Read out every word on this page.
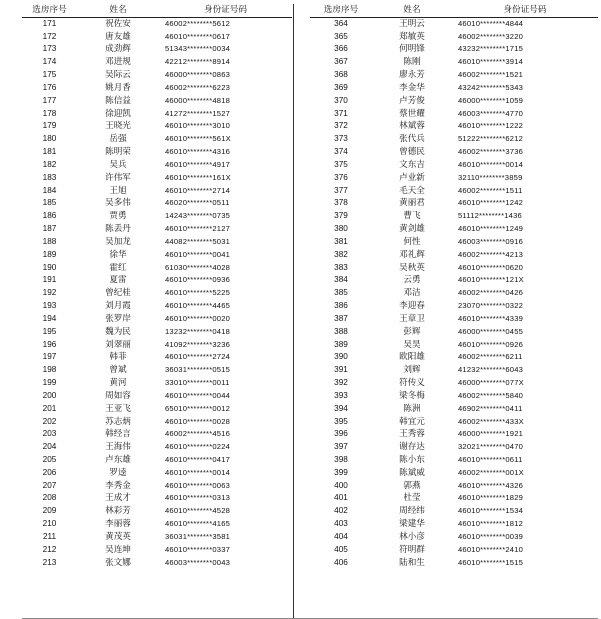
选房序号	姓名	身份证号码
171	祝佐安	46002********5612
172	唐友雄	46010********0617
173	成劲辉	51343********0034
174	邓进规	42212********8914
175	吴际云	46000********0863
176	姚月香	46002********6223
177	陈信益	46000********4818
178	徐迎凯	41272********1527
179	王晓光	46010********3010
180	岳强	46010********561X
181	陈明荣	46010********4316
182	吴兵	46010********4917
183	许伟军	46010********161X
184	王旭	46010********2714
185	吴多伟	46020********0511
186	贾勇	14243********0735
187	陈丢丹	46010********2127
188	吴加龙	44082********5031
189	徐华	46010********0041
190	霍红	61030********4028
191	夏雷	46010********0936
192	曾纪桂	46010********5225
193	刘月霞	46010********4465
194	张罗岸	46010********0020
195	魏为民	13232********0418
196	刘翠丽	41092********3236
197	韩菲	46010********2724
198	曾斌	36031********0515
199	黄河	33010********0011
200	周如容	46010********0044
201	王亚飞	65010********0012
202	苏志炳	46010********0028
203	韩经言	46002********4516
204	王海伟	46010********0224
205	卢东雄	46010********0417
206	罗逵	46010********0014
207	李秀金	46010********0063
208	王成才	46010********0313
209	林彩芳	46010********4528
210	李丽蓉	46010********4165
211	黄茂英	36031********3581
212	吴连坤	46010********0337
213	张文娜	46003********0043
选房序号	姓名	身份证号码
364	王明云	46010********4844
365	郑敏英	46002********3220
366	何明锋	43232********1715
367	陈刚	46010********3914
368	廖永芳	46002********1521
369	李金华	43242********5343
370	卢芳俊	46000********1059
371	蔡世耀	46003********4770
372	林斌蓉	46010********1222
373	张代兵	51222********6212
374	曾德民	46002********3736
375	文东吉	46010********0014
376	卢业新	32110********3859
377	毛天全	46002********1511
378	黄丽君	46010********1242
379	曹飞	51112********1436
380	黄剑雄	46010********1249
381	何性	46003********0916
382	邓礼辉	46002********4213
383	吴秋英	46010********0620
384	云勇	46010********121X
385	邓洁	46002********0426
386	李迎春	23070********0322
387	王章卫	46010********4339
388	彭辉	46000********0455
389	吴昊	46010********0926
390	欧阳雄	46002********6211
391	刘辉	41232********6043
392	符传义	46000********077X
393	梁冬梅	46002********5840
394	陈洲	46902********0411
395	韩宜元	46002********433X
396	王秀蓉	46000********1921
397	谢存达	32021********0470
398	陈小东	46010********0611
399	陈斌威	46002********001X
400	郭燕	46010********4326
401	杜莹	46010********1829
402	周经纬	46010********1534
403	梁建华	46010********1812
404	林小彦	46010********0039
405	符明群	46010********2410
406	陆和生	46010********1515
